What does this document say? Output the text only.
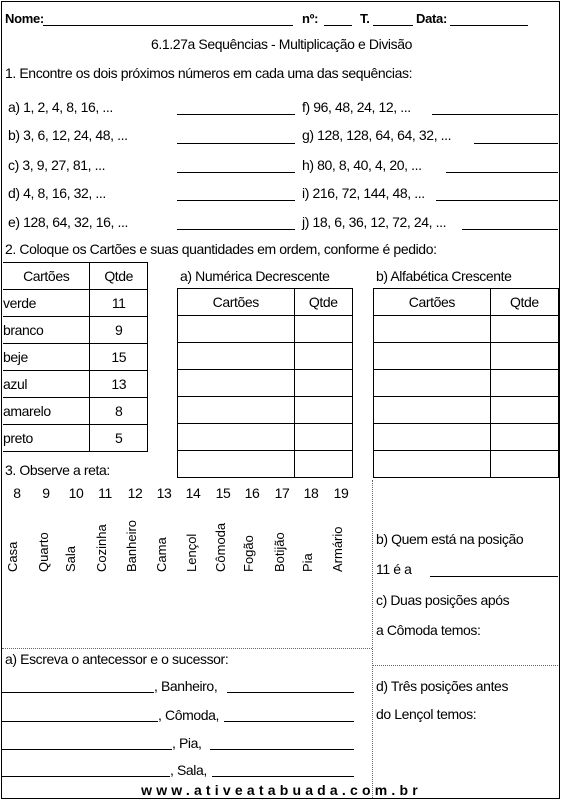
Nome:	nº:	T.	Data:
6.1.27a Sequências - Multiplicação e Divisão
1. Encontre os dois próximos números em cada uma das sequências:
a) 1, 2, 4, 8, 16, ...
b) 3, 6, 12, 24, 48, ...
c) 3, 9, 27, 81, ...
d) 4, 8, 16, 32, ...
e) 128, 64, 32, 16, ...
f) 96, 48, 24, 12, ...
g) 128, 128, 64, 64, 32, ...
h) 80, 8, 40, 4, 20, ...
i) 216, 72, 144, 48, ...
j) 18, 6, 36, 12, 72, 24, ...
2. Coloque os Cartões e suas quantidades em ordem, conforme é pedido:
Cartões	Qtde
verde	11
branco	9
beje	15
azul	13
amarelo	8
preto	5
a) Numérica Decrescente
Cartões	Qtde

b) Alfabética Crescente
Cartões	Qtde

3. Observe a reta:
8
Casa
9
Quarto
10
Sala
11
Cozinha
12
Banheiro
13
Cama
14
Lençol
15
Cômoda
16
Fogão
17
Botijão
18
Pia
19
Armário
a) Escreva o antecessor e o sucessor:
, Banheiro,
, Cômoda,
, Pia,
, Sala,
b) Quem está na posição
11 é a
c) Duas posições após
a Cômoda temos:
d) Três posições antes
do Lençol temos:
www.ativeatabuada.com.br
